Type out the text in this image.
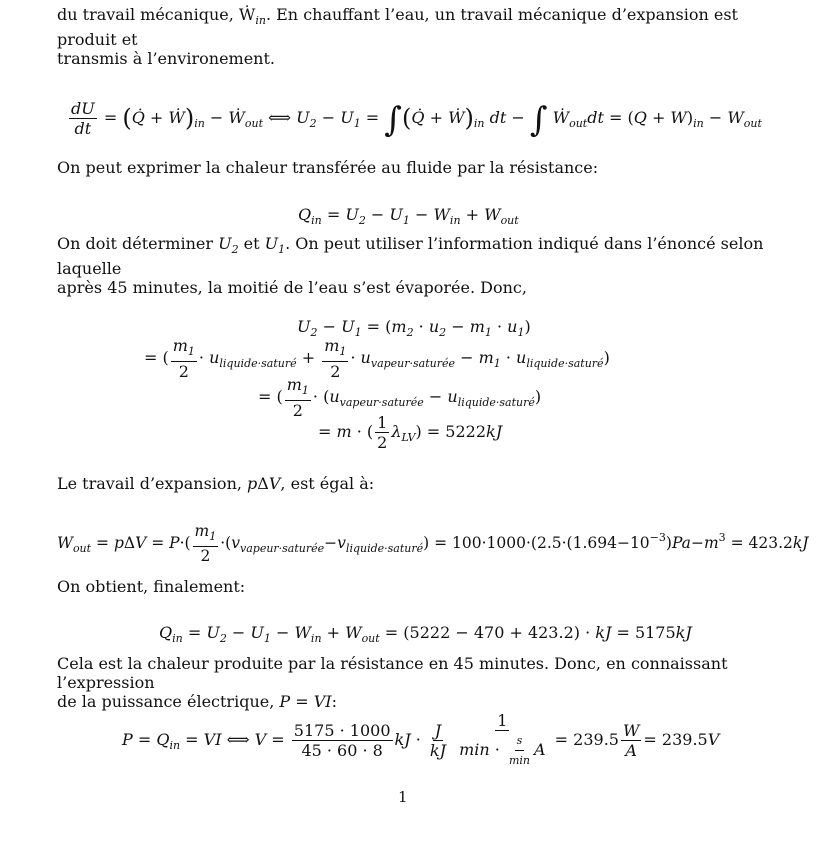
du travail mécanique, Ẇ$_{in}$. En chauffant l’eau, un travail mécanique d’expansion est produit et
transmis à l’environement.
$\frac{dU}{dt}$ = (Q̇ + $Ẇ)_{in}$ − Ẇ$_{out}$ ⟺ $U_2 - U_1$ = ∫(Q̇ + $Ẇ)_{in}$ dt − ∫ Ẇ$_{out}$dt = $(Q + W)_{in} - W_{out}$
On peut exprimer la chaleur transférée au fluide par la résistance:
$Q_{in} = U_2 - U_1 - W_{in} + W_{out}$
On doit déterminer $U_2$ et $U_1$. On peut utiliser l’information indiqué dans l’énoncé selon laquelle
après 45 minutes, la moitié de l’eau s’est évaporée. Donc,
$U_2 - U_1 = (m_2 \cdot u_2 - m_1 \cdot u_1)$
= ( $\frac{m_1}{2} \cdot u_{liquide\cdot saturé} + \frac{m_1}{2} \cdot u_{vapeur\cdot saturée} - m_1 \cdot u_{liquide\cdot saturé}$)
= ( $\frac{m_1}{2} \cdot (u_{vapeur\cdot saturée} - u_{liquide\cdot saturé})$
= m · ( $\frac{1}{2} \lambda_{LV}) = 5222kJ$
Le travail d’expansion, pΔV, est égal à:
$W_{out} = p\Delta V = P\cdot( \frac{m_1}{2} \cdot(v_{vapeur\cdot saturée}-v_{liquide\cdot saturé}) = 100\cdot 1000\cdot(2.5\cdot(1.694-10^{-3})Pa-m^3 = 423.2kJ$
On obtient, finalement:
$Q_{in} = U_2 - U_1 - W_{in} + W_{out} = (5222 - 470 + 423.2)$ · kJ = 5175kJ
Cela est la chaleur produite par la résistance en 45 minutes. Donc, en connaissant l’expression
de la puissance électrique, P = VI:
$P = Q_{in}$ = VI ⟺ $V = \frac{5175 \cdot 1000}{45 \cdot 60 \cdot 8}$ kJ · $\frac{J}{kJ}$
$\frac{1}{\min \cdot \frac{s}{\min} A} = 239.5 \frac{W}{A} = 239.5V$
1
